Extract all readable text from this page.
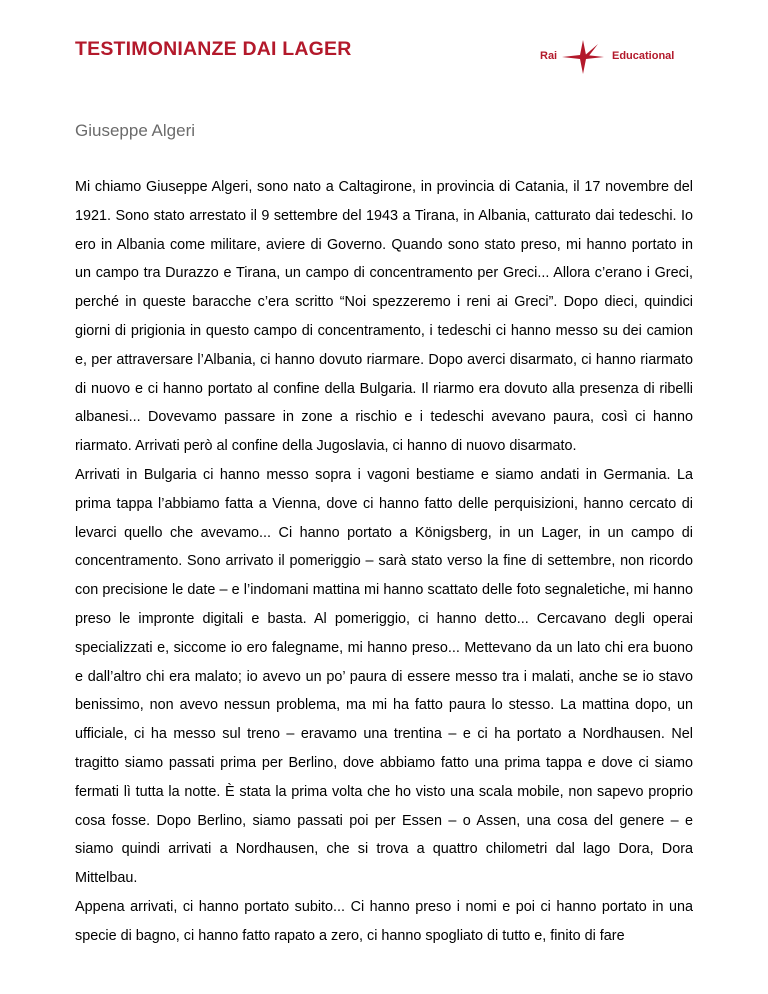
TESTIMONIANZE DAI LAGER	Rai	Educational
Giuseppe Algeri

Mi chiamo Giuseppe Algeri, sono nato a Caltagirone, in provincia di Catania, il 17 novembre del 1921. Sono stato arrestato il 9 settembre del 1943 a Tirana, in Albania, catturato dai tedeschi. Io ero in Albania come militare, aviere di Governo. Quando sono stato preso, mi hanno portato in un campo tra Durazzo e Tirana, un campo di concentramento per Greci... Allora c’erano i Greci, perché in queste baracche c’era scritto “Noi spezzeremo i reni ai Greci”. Dopo dieci, quindici giorni di prigionia in questo campo di concentramento, i tedeschi ci hanno messo su dei camion e, per attraversare l’Albania, ci hanno dovuto riarmare. Dopo averci disarmato, ci hanno riarmato di nuovo e ci hanno portato al confine della Bulgaria. Il riarmo era dovuto alla presenza di ribelli albanesi... Dovevamo passare in zone a rischio e i tedeschi avevano paura, così ci hanno riarmato. Arrivati però al confine della Jugoslavia, ci hanno di nuovo disarmato.

Arrivati in Bulgaria ci hanno messo sopra i vagoni bestiame e siamo andati in Germania. La prima tappa l’abbiamo fatta a Vienna, dove ci hanno fatto delle perquisizioni, hanno cercato di levarci quello che avevamo... Ci hanno portato a Königsberg, in un Lager, in un campo di concentramento. Sono arrivato il pomeriggio – sarà stato verso la fine di settembre, non ricordo con precisione le date – e l’indomani mattina mi hanno scattato delle foto segnaletiche, mi hanno preso le impronte digitali e basta. Al pomeriggio, ci hanno detto... Cercavano degli operai specializzati e, siccome io ero falegname, mi hanno preso... Mettevano da un lato chi era buono e dall’altro chi era malato; io avevo un po’ paura di essere messo tra i malati, anche se io stavo benissimo, non avevo nessun problema, ma mi ha fatto paura lo stesso. La mattina dopo, un ufficiale, ci ha messo sul treno – eravamo una trentina – e ci ha portato a Nordhausen. Nel tragitto siamo passati prima per Berlino, dove abbiamo fatto una prima tappa e dove ci siamo fermati lì tutta la notte. È stata la prima volta che ho visto una scala mobile, non sapevo proprio cosa fosse. Dopo Berlino, siamo passati poi per Essen – o Assen, una cosa del genere – e siamo quindi arrivati a Nordhausen, che si trova a quattro chilometri dal lago Dora, Dora Mittelbau.

Appena arrivati, ci hanno portato subito... Ci hanno preso i nomi e poi ci hanno portato in una specie di bagno, ci hanno fatto rapato a zero, ci hanno spogliato di tutto e, finito di fare
